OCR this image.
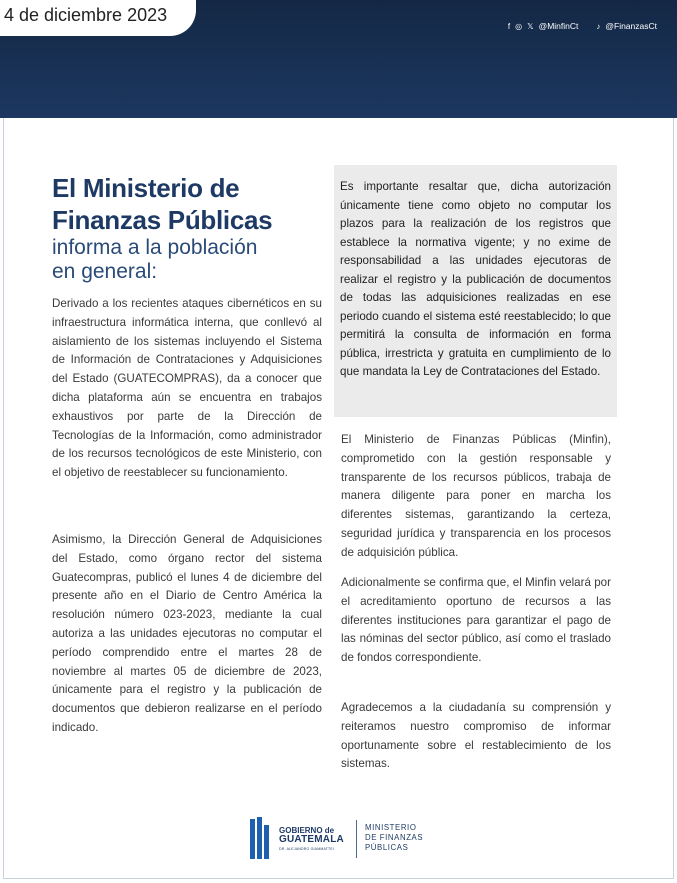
4 de diciembre 2023
f ◎ 𝕏 @MinfinCt ♪ @FinanzasCt
El Ministerio de
Finanzas Públicas
informa a la población
en general:
Derivado a los recientes ataques cibernéticos en su infraestructura informática interna, que conllevó al aislamiento de los sistemas incluyendo el Sistema de Información de Contrataciones y Adquisiciones del Estado (GUATECOMPRAS), da a conocer que dicha plataforma aún se encuentra en trabajos exhaustivos por parte de la Dirección de Tecnologías de la Información, como administrador de los recursos tecnológicos de este Ministerio, con el objetivo de reestablecer su funcionamiento.
Asimismo, la Dirección General de Adquisiciones del Estado, como órgano rector del sistema Guatecompras, publicó el lunes 4 de diciembre del presente año en el Diario de Centro América la resolución número 023-2023, mediante la cual autoriza a las unidades ejecutoras no computar el período comprendido entre el martes 28 de noviembre al martes 05 de diciembre de 2023, únicamente para el registro y la publicación de documentos que debieron realizarse en el período indicado.
Es importante resaltar que, dicha autorización únicamente tiene como objeto no computar los plazos para la realización de los registros que establece la normativa vigente; y no exime de responsabilidad a las unidades ejecutoras de realizar el registro y la publicación de documentos de todas las adquisiciones realizadas en ese periodo cuando el sistema esté reestablecido; lo que permitirá la consulta de información en forma pública, irrestricta y gratuita en cumplimiento de lo que mandata la Ley de Contrataciones del Estado.
El Ministerio de Finanzas Públicas (Minfin), comprometido con la gestión responsable y transparente de los recursos públicos, trabaja de manera diligente para poner en marcha los diferentes sistemas, garantizando la certeza, seguridad jurídica y transparencia en los procesos de adquisición pública.
Adicionalmente se confirma que, el Minfin velará por el acreditamiento oportuno de recursos a las diferentes instituciones para garantizar el pago de las nóminas del sector público, así como el traslado de fondos correspondiente.
Agradecemos a la ciudadanía su comprensión y reiteramos nuestro compromiso de informar oportunamente sobre el restablecimiento de los sistemas.
GOBIERNO de
GUATEMALA
DR. ALEJANDRO GIAMMATTEI
MINISTERIO
DE FINANZAS
PÚBLICAS
